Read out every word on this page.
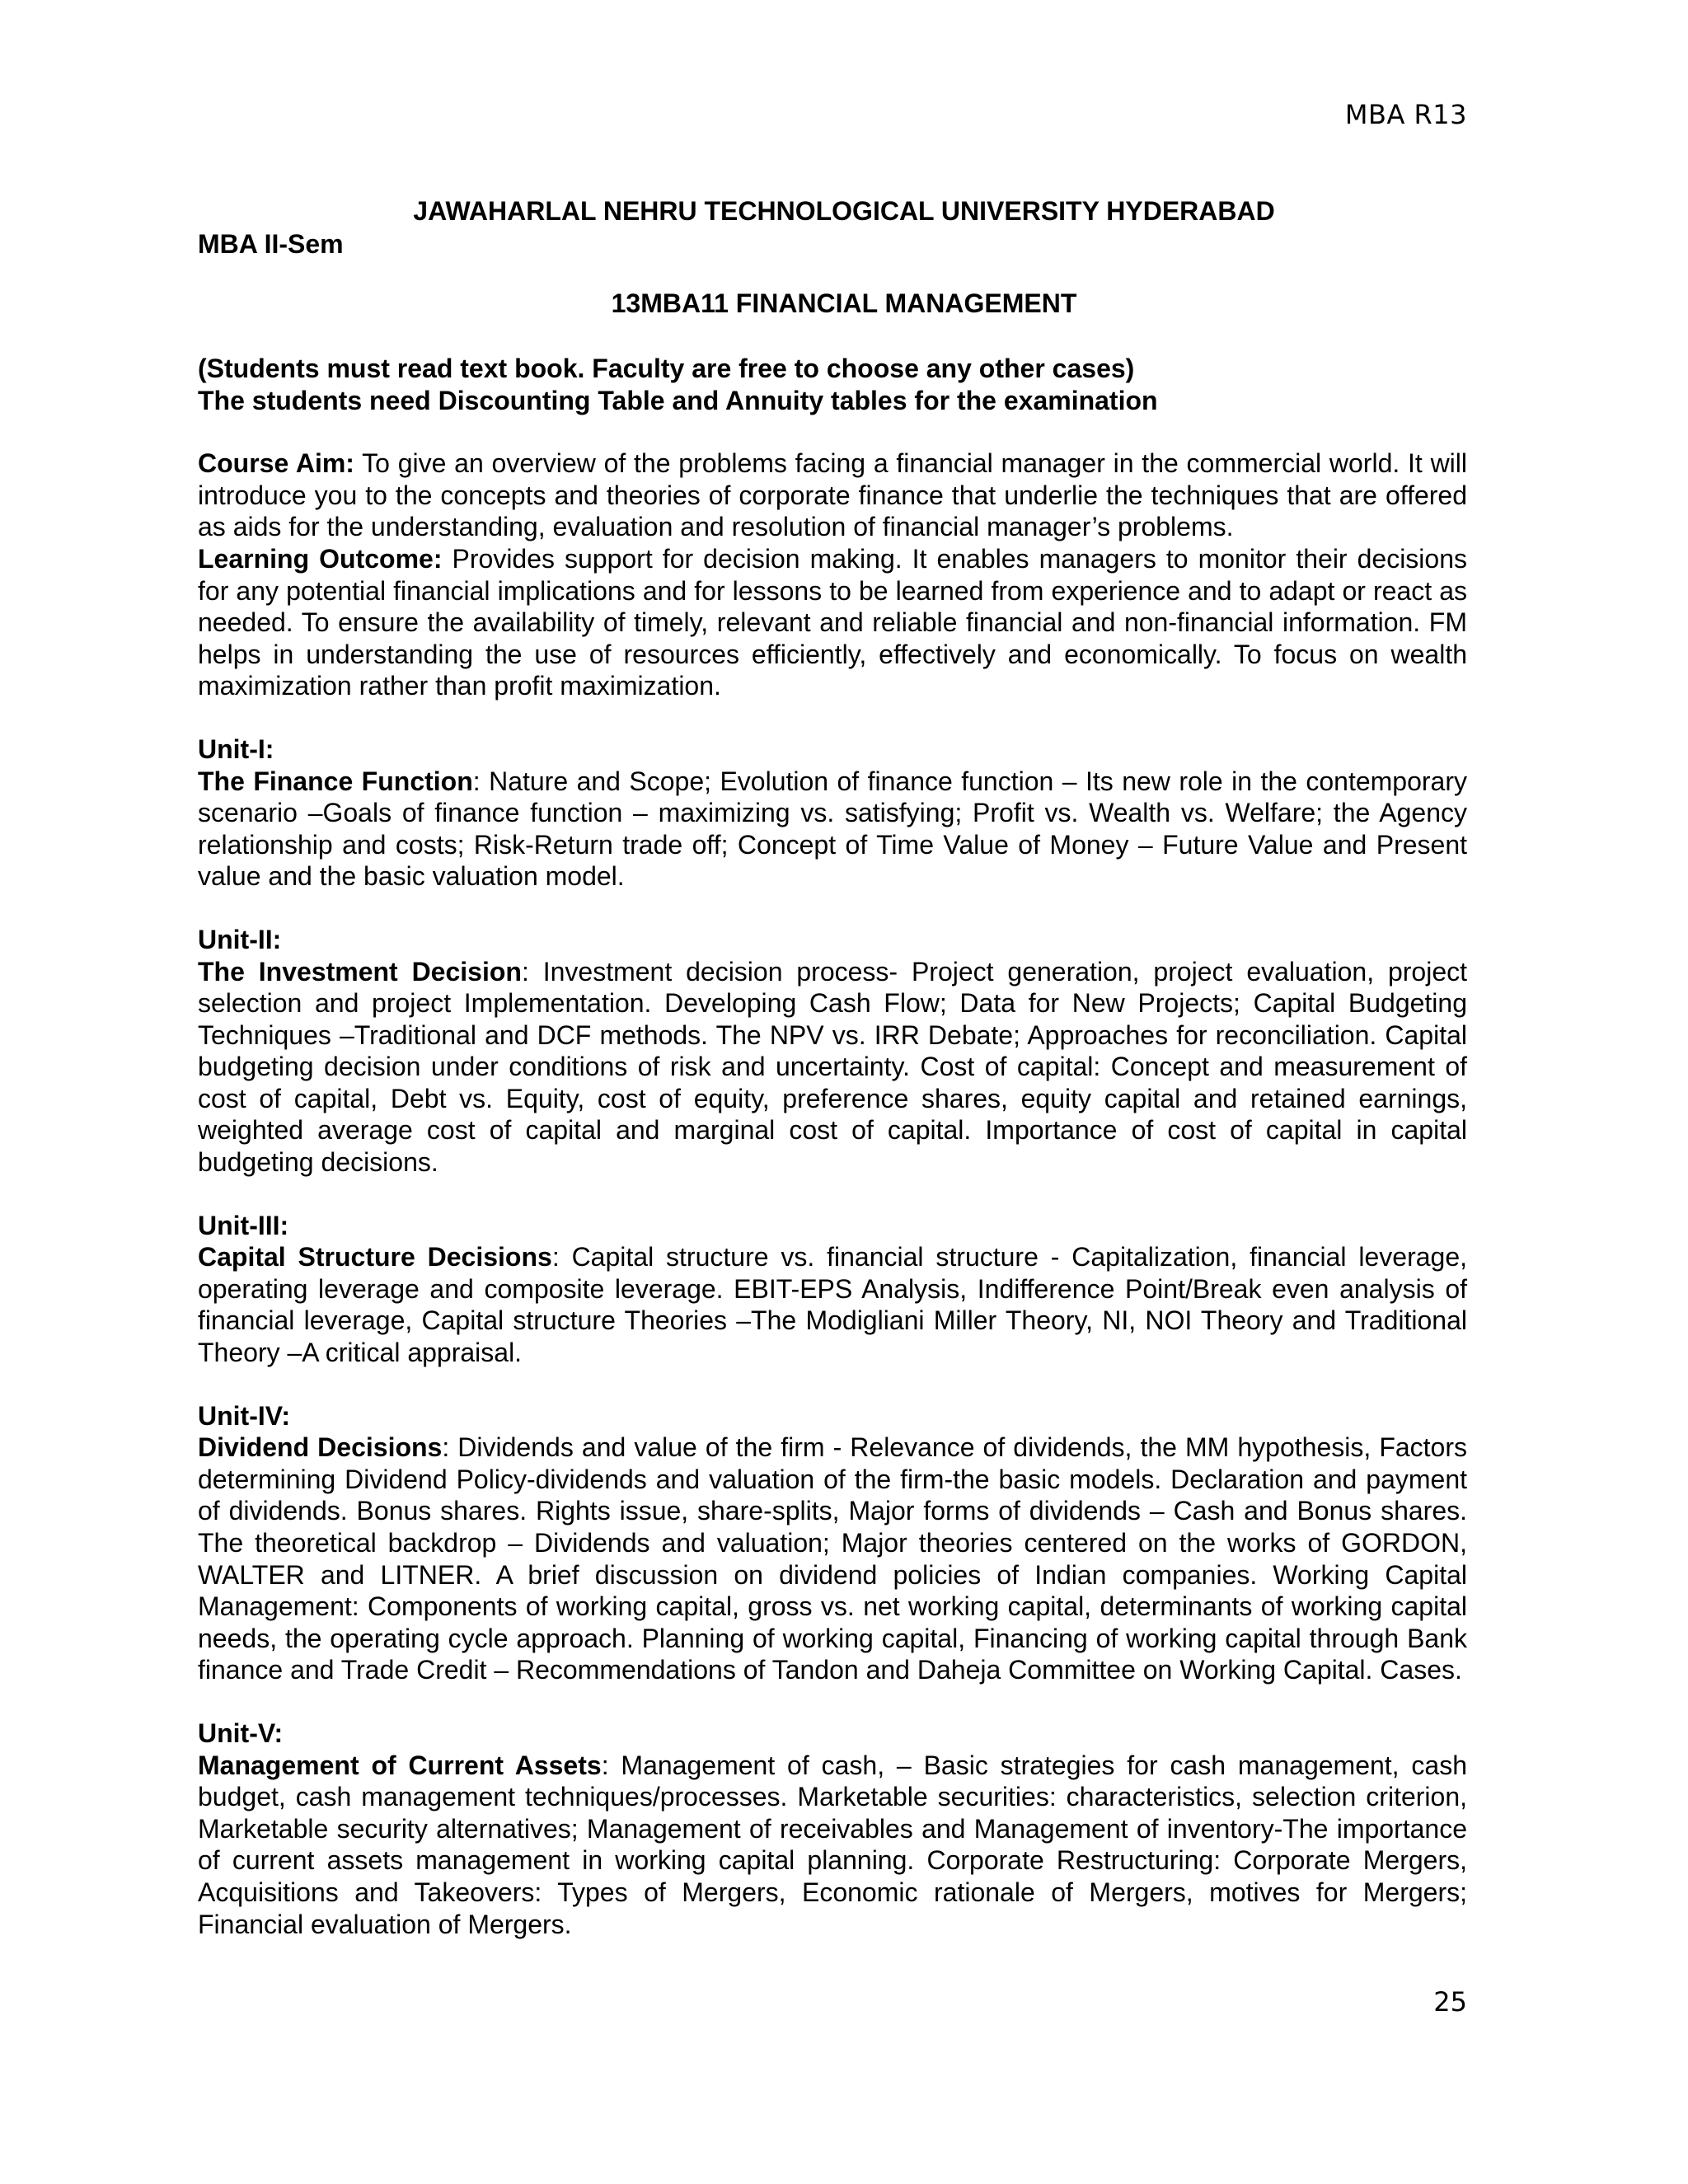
MBA R13
JAWAHARLAL NEHRU TECHNOLOGICAL UNIVERSITY HYDERABAD
MBA II-Sem
13MBA11 FINANCIAL MANAGEMENT

(Students must read text book. Faculty are free to choose any other cases)

The students need Discounting Table and Annuity tables for the examination

Course Aim: To give an overview of the problems facing a financial manager in the commercial world. It will introduce you to the concepts and theories of corporate finance that underlie the techniques that are offered as aids for the understanding, evaluation and resolution of financial manager’s problems.

Learning Outcome: Provides support for decision making. It enables managers to monitor their decisions for any potential financial implications and for lessons to be learned from experience and to adapt or react as needed. To ensure the availability of timely, relevant and reliable financial and non-financial information. FM helps in understanding the use of resources efficiently, effectively and economically. To focus on wealth maximization rather than profit maximization.

Unit-I:

The Finance Function: Nature and Scope; Evolution of finance function – Its new role in the contemporary scenario –Goals of finance function – maximizing vs. satisfying; Profit vs. Wealth vs. Welfare; the Agency relationship and costs; Risk-Return trade off; Concept of Time Value of Money – Future Value and Present value and the basic valuation model.

Unit-II:

The Investment Decision: Investment decision process- Project generation, project evaluation, project selection and project Implementation. Developing Cash Flow; Data for New Projects; Capital Budgeting Techniques –Traditional and DCF methods. The NPV vs. IRR Debate; Approaches for reconciliation. Capital budgeting decision under conditions of risk and uncertainty. Cost of capital: Concept and measurement of cost of capital, Debt vs. Equity, cost of equity, preference shares, equity capital and retained earnings, weighted average cost of capital and marginal cost of capital. Importance of cost of capital in capital budgeting decisions.

Unit-III:

Capital Structure Decisions: Capital structure vs. financial structure - Capitalization, financial leverage, operating leverage and composite leverage. EBIT-EPS Analysis, Indifference Point/Break even analysis of financial leverage, Capital structure Theories –The Modigliani Miller Theory, NI, NOI Theory and Traditional Theory –A critical appraisal.

Unit-IV:

Dividend Decisions: Dividends and value of the firm - Relevance of dividends, the MM hypothesis, Factors determining Dividend Policy-dividends and valuation of the firm-the basic models. Declaration and payment of dividends. Bonus shares. Rights issue, share-splits, Major forms of dividends – Cash and Bonus shares. The theoretical backdrop – Dividends and valuation; Major theories centered on the works of GORDON, WALTER and LITNER. A brief discussion on dividend policies of Indian companies. Working Capital Management: Components of working capital, gross vs. net working capital, determinants of working capital needs, the operating cycle approach. Planning of working capital, Financing of working capital through Bank finance and Trade Credit – Recommendations of Tandon and Daheja Committee on Working Capital. Cases.

Unit-V:

Management of Current Assets: Management of cash, – Basic strategies for cash management, cash budget, cash management techniques/processes. Marketable securities: characteristics, selection criterion, Marketable security alternatives; Management of receivables and Management of inventory-The importance of current assets management in working capital planning. Corporate Restructuring: Corporate Mergers, Acquisitions and Takeovers: Types of Mergers, Economic rationale of Mergers, motives for Mergers; Financial evaluation of Mergers.

25
